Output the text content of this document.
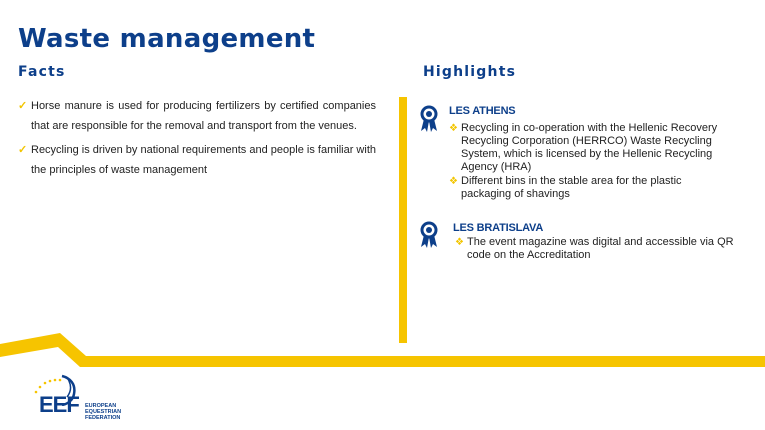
Waste management
Facts	Highlights
✓ Horse manure is used for producing fertilizers by certified companies that are responsible for the removal and transport from the venues.
✓ Recycling is driven by national requirements and people is familiar with the principles of waste management
LES ATHENS
❖ Recycling in co-operation with the Hellenic Recovery Recycling Corporation (HERRCO) Waste Recycling System, which is licensed by the Hellenic Recycling Agency (HRA)
❖ Different bins in the stable area for the plastic packaging of shavings
LES BRATISLAVA
❖ The event magazine was digital and accessible via QR code on the Accreditation
EEF EUROPEAN
EQUESTRIAN
FEDERATION
